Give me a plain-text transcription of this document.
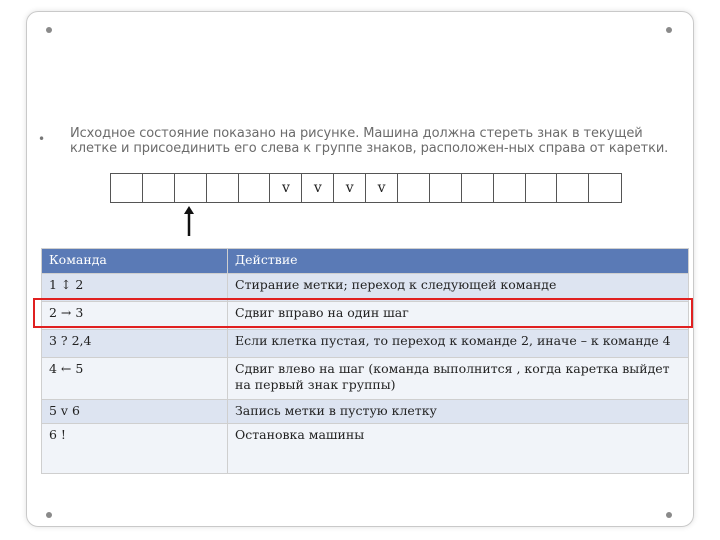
• Исходное состояние показано на рисунке. Машина должна стереть знак в текущей клетке и присоединить его слева к группе знаков, расположен-ных справа от каретки.
v	v	v	v
Команда	Действие
1 ↕ 2	Стирание метки; переход к следующей команде
2 → 3	Сдвиг вправо на один шаг
3 ? 2,4	Если клетка пустая, то переход к команде 2, иначе – к команде 4
4 ← 5	Сдвиг влево на шаг (команда выполнится , когда каретка выйдет на первый знак группы)
5 v 6	Запись метки в пустую клетку
6 !	Остановка машины
